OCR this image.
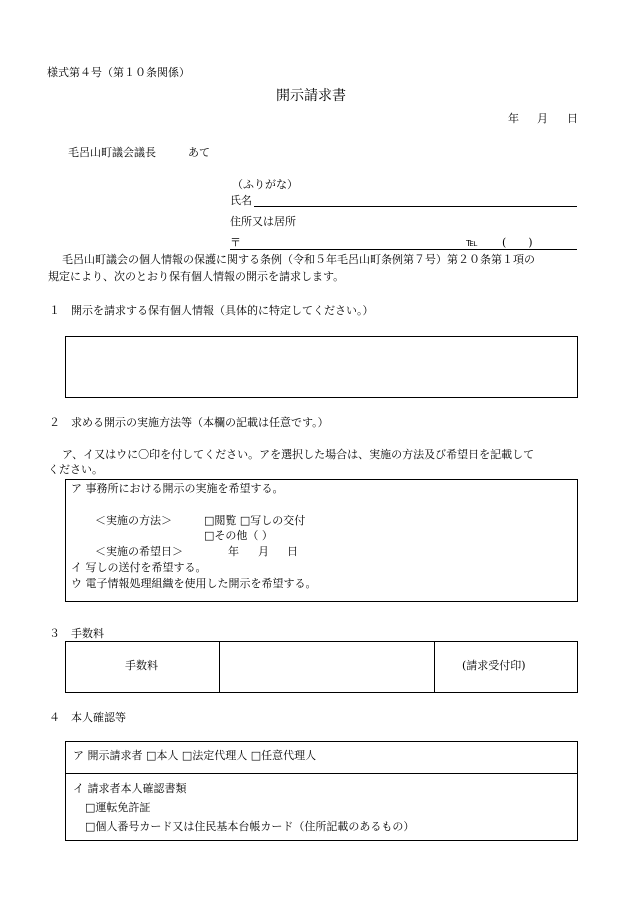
様式第４号（第１０条関係）
開示請求書
年 月 日
毛呂山町議会議長	あて
（ふりがな）
氏名
住所又は居所
〒	℡ (　　)
毛呂山町議会の個人情報の保護に関する条例（令和５年毛呂山町条例第７号）第２０条第１項の
規定により、次のとおり保有個人情報の開示を請求します。
１　開示を請求する保有個人情報（具体的に特定してください。）
２　求める開示の実施方法等（本欄の記載は任意です。）
ア、イ又はウに〇印を付してください。アを選択した場合は、実施の方法及び希望日を記載して
ください。
ア 事務所における開示の実施を希望する。
＜実施の方法＞	□閲覧 □写しの交付
□その他（ ）
＜実施の希望日＞	年 月 日
イ 写しの送付を希望する。
ウ 電子情報処理組織を使用した開示を希望する。
３　手数料
手数料	(請求受付印)
４　本人確認等
ア 開示請求者 □本人 □法定代理人 □任意代理人
イ 請求者本人確認書類
□運転免許証
□個人番号カード又は住民基本台帳カード（住所記載のあるもの）
